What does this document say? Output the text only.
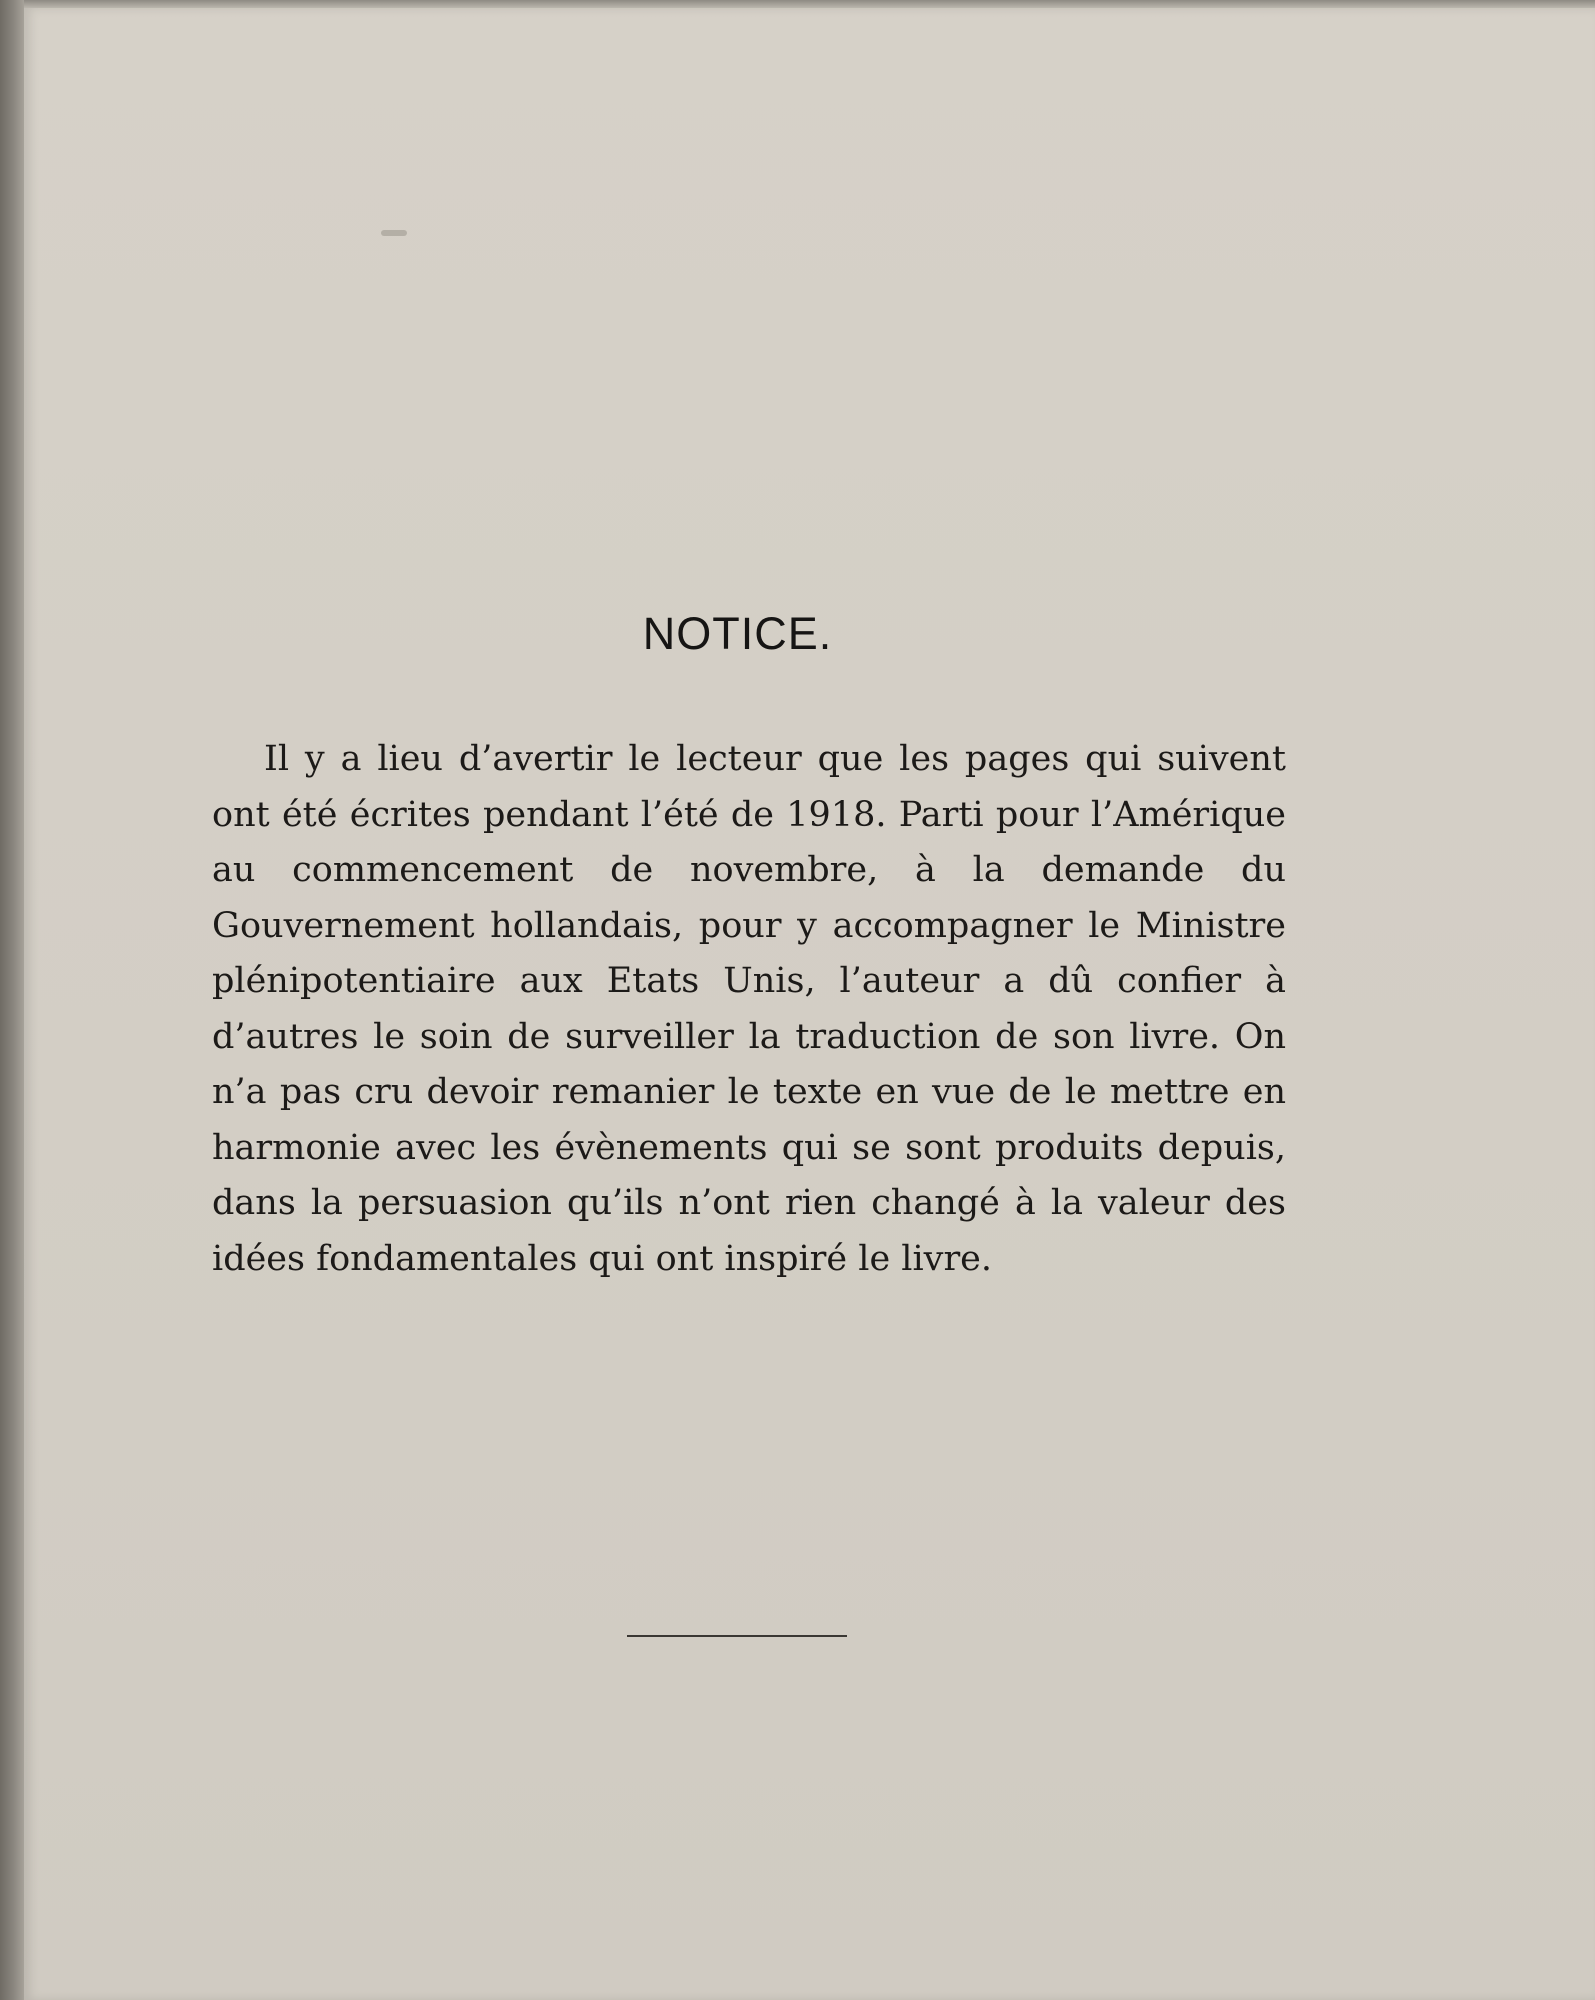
NOTICE.

Il y a lieu d’avertir le lecteur que les pages qui suivent ont été écrites pendant l’été de 1918. Parti pour l’Amérique au commencement de novembre, à la demande du Gouvernement hollandais, pour y accompagner le Ministre plénipotentiaire aux Etats Unis, l’auteur a dû confier à d’autres le soin de surveiller la traduction de son livre. On n’a pas cru devoir remanier le texte en vue de le mettre en harmonie avec les évènements qui se sont produits depuis, dans la persuasion qu’ils n’ont rien changé à la valeur des idées fondamentales qui ont inspiré le livre.
